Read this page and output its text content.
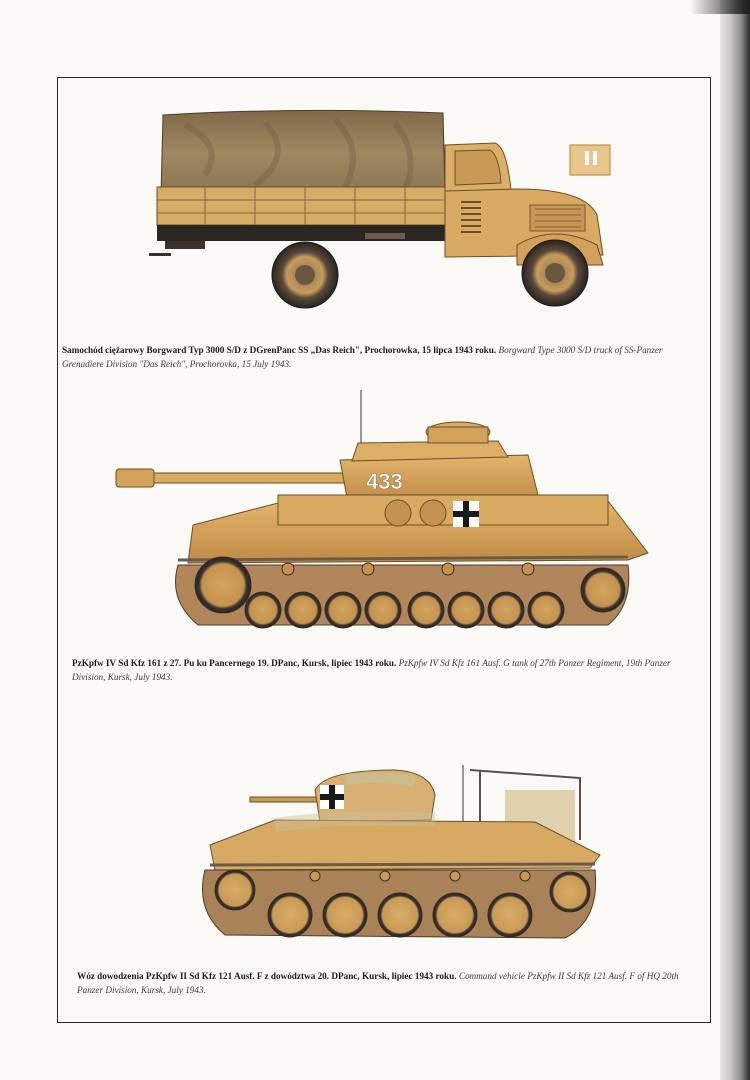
Samochód ciężarowy Borgward Typ 3000 S/D z DGrenPanc SS „Das Reich", Prochorowka, 15 lipca 1943 roku. Borgward Type 3000 S/D truck of SS-Panzer Grenadiere Division "Das Reich", Prochorovka, 15 July 1943.
433
PzKpfw IV Sd Kfz 161 z 27. Pu ku Pancernego 19. DPanc, Kursk, lipiec 1943 roku. PzKpfw IV Sd Kfz 161 Ausf. G tank of 27th Panzer Regiment, 19th Panzer Division, Kursk, July 1943.
Wóz dowodzenia PzKpfw II Sd Kfz 121 Ausf. F z dowództwa 20. DPanc, Kursk, lipiec 1943 roku. Command vehicle PzKpfw II Sd Kfz 121 Ausf. F of HQ 20th Panzer Division, Kursk, July 1943.
